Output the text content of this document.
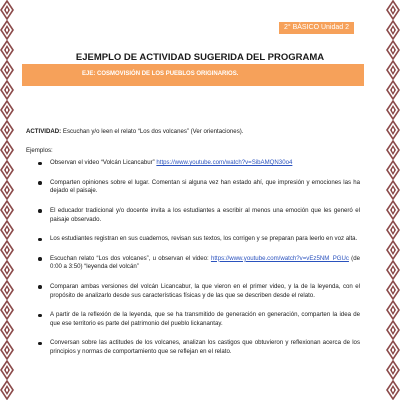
2° BÁSICO Unidad 2
EJEMPLO DE ACTIVIDAD SUGERIDA DEL PROGRAMA
EJE: COSMOVISIÓN DE LOS PUEBLOS ORIGINARIOS.
ACTIVIDAD: Escuchan y/o leen el relato “Los dos volcanes” (Ver orientaciones).
Ejemplos:
Observan el video “Volcán Licancabur” https://www.youtube.com/watch?v=SibAMQN30o4
Comparten opiniones sobre el lugar. Comentan si alguna vez han estado ahí, que impresión y emociones las ha dejado el paisaje.
El educador tradicional y/o docente invita a los estudiantes a escribir al menos una emoción que les generó el paisaje observado.
Los estudiantes registran en sus cuadernos, revisan sus textos, los corrigen y se preparan para leerlo en voz alta.
Escuchan relato “Los dos volcanes”, u observan el video: https://www.youtube.com/watch?v=vEz5NM_PGUc (de 0:00 a 3:50) “leyenda del volcán”
Comparan ambas versiones del volcán Licancabur, la que vieron en el primer video, y la de la leyenda, con el propósito de analizarlo desde sus características físicas y de las que se describen desde el relato.
A partir de la reflexión de la leyenda, que se ha transmitido de generación en generación, comparten la idea de que ese territorio es parte del patrimonio del pueblo lickanantay.
Conversan sobre las actitudes de los volcanes, analizan los castigos que obtuvieron y reflexionan acerca de los principios y normas de comportamiento que se reflejan en el relato.
